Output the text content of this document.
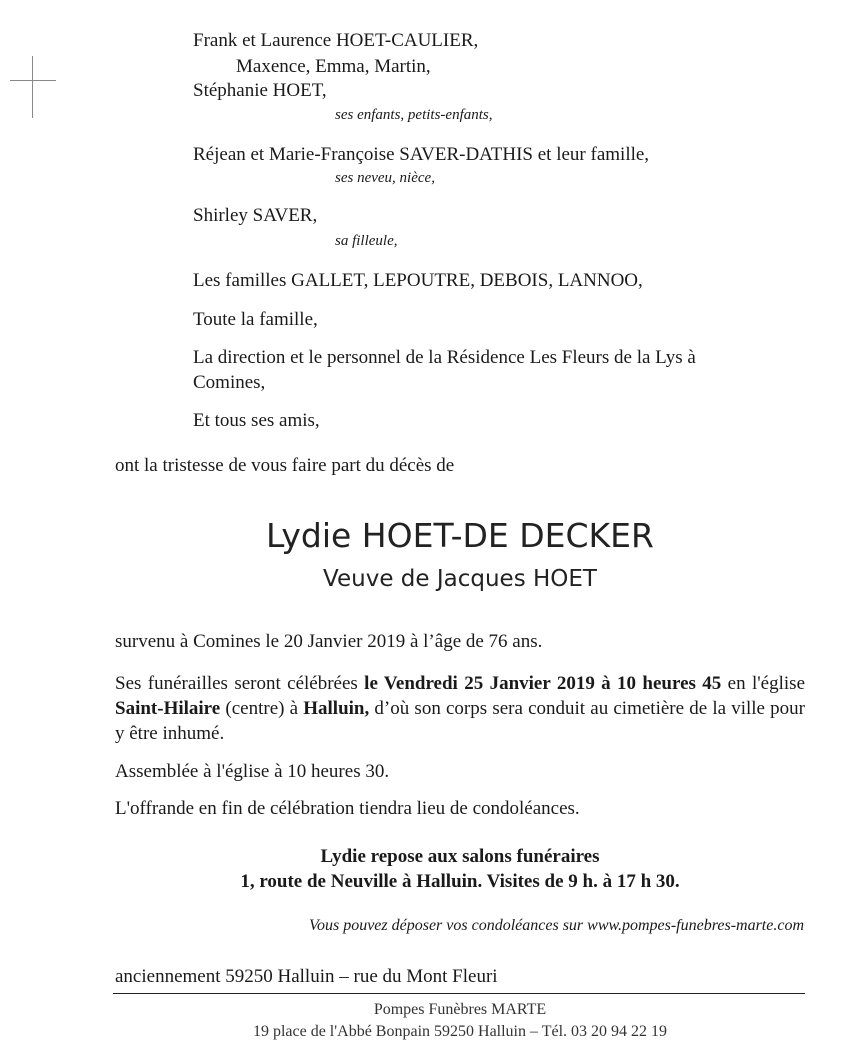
Frank et Laurence HOET-CAULIER,
Maxence, Emma, Martin,
Stéphanie HOET,
ses enfants, petits-enfants,
Réjean et Marie-Françoise SAVER-DATHIS et leur famille,
ses neveu, nièce,
Shirley SAVER,
sa filleule,
Les familles GALLET, LEPOUTRE, DEBOIS, LANNOO,
Toute la famille,
La direction et le personnel de la Résidence Les Fleurs de la Lys à
Comines,
Et tous ses amis,
ont la tristesse de vous faire part du décès de
Lydie HOET-DE DECKER
Veuve de Jacques HOET
survenu à Comines le 20 Janvier 2019 à l’âge de 76 ans.
Ses funérailles seront célébrées le Vendredi 25 Janvier 2019 à 10 heures 45 en l'église Saint-Hilaire (centre) à Halluin, d’où son corps sera conduit au cimetière de la ville pour y être inhumé.
Assemblée à l'église à 10 heures 30.
L'offrande en fin de célébration tiendra lieu de condoléances.
Lydie repose aux salons funéraires
1, route de Neuville à Halluin. Visites de 9 h. à 17 h 30.
Vous pouvez déposer vos condoléances sur www.pompes-funebres-marte.com
anciennement 59250 Halluin – rue du Mont Fleuri
Pompes Funèbres MARTE
19 place de l'Abbé Bonpain 59250 Halluin – Tél. 03 20 94 22 19
